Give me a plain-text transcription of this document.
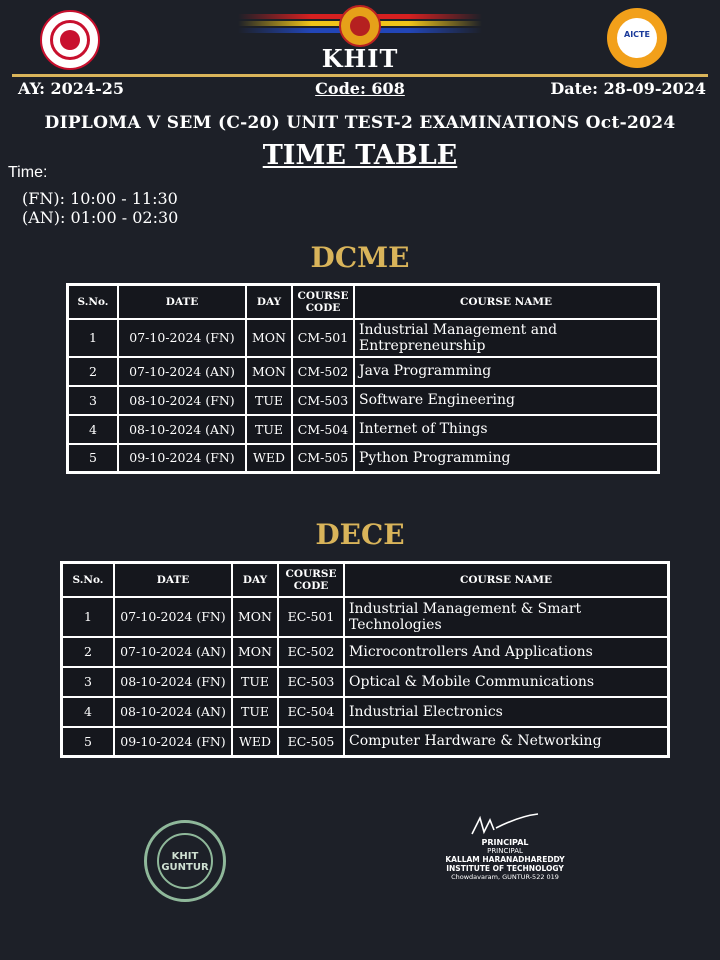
AICTE
KHIT
AY: 2024-25	Code: 608	Date: 28-09-2024
DIPLOMA V SEM (C-20) UNIT TEST-2 EXAMINATIONS Oct-2024
TIME TABLE
Time:
(FN): 10:00 - 11:30
(AN): 01:00 - 02:30
DCME
S.No.	DATE	DAY	COURSE CODE	COURSE NAME
1	07-10-2024 (FN)	MON	CM-501	Industrial Management and Entrepreneurship
2	07-10-2024 (AN)	MON	CM-502	Java Programming
3	08-10-2024 (FN)	TUE	CM-503	Software Engineering
4	08-10-2024 (AN)	TUE	CM-504	Internet of Things
5	09-10-2024 (FN)	WED	CM-505	Python Programming
DECE
S.No.	DATE	DAY	COURSE CODE	COURSE NAME
1	07-10-2024 (FN)	MON	EC-501	Industrial Management & Smart Technologies
2	07-10-2024 (AN)	MON	EC-502	Microcontrollers And Applications
3	08-10-2024 (FN)	TUE	EC-503	Optical & Mobile Communications
4	08-10-2024 (AN)	TUE	EC-504	Industrial Electronics
5	09-10-2024 (FN)	WED	EC-505	Computer Hardware & Networking
KHIT GUNTUR
PRINCIPAL
PRINCIPAL
KALLAM HARANADHAREDDY
INSTITUTE OF TECHNOLOGY
Chowdavaram, GUNTUR-522 019
